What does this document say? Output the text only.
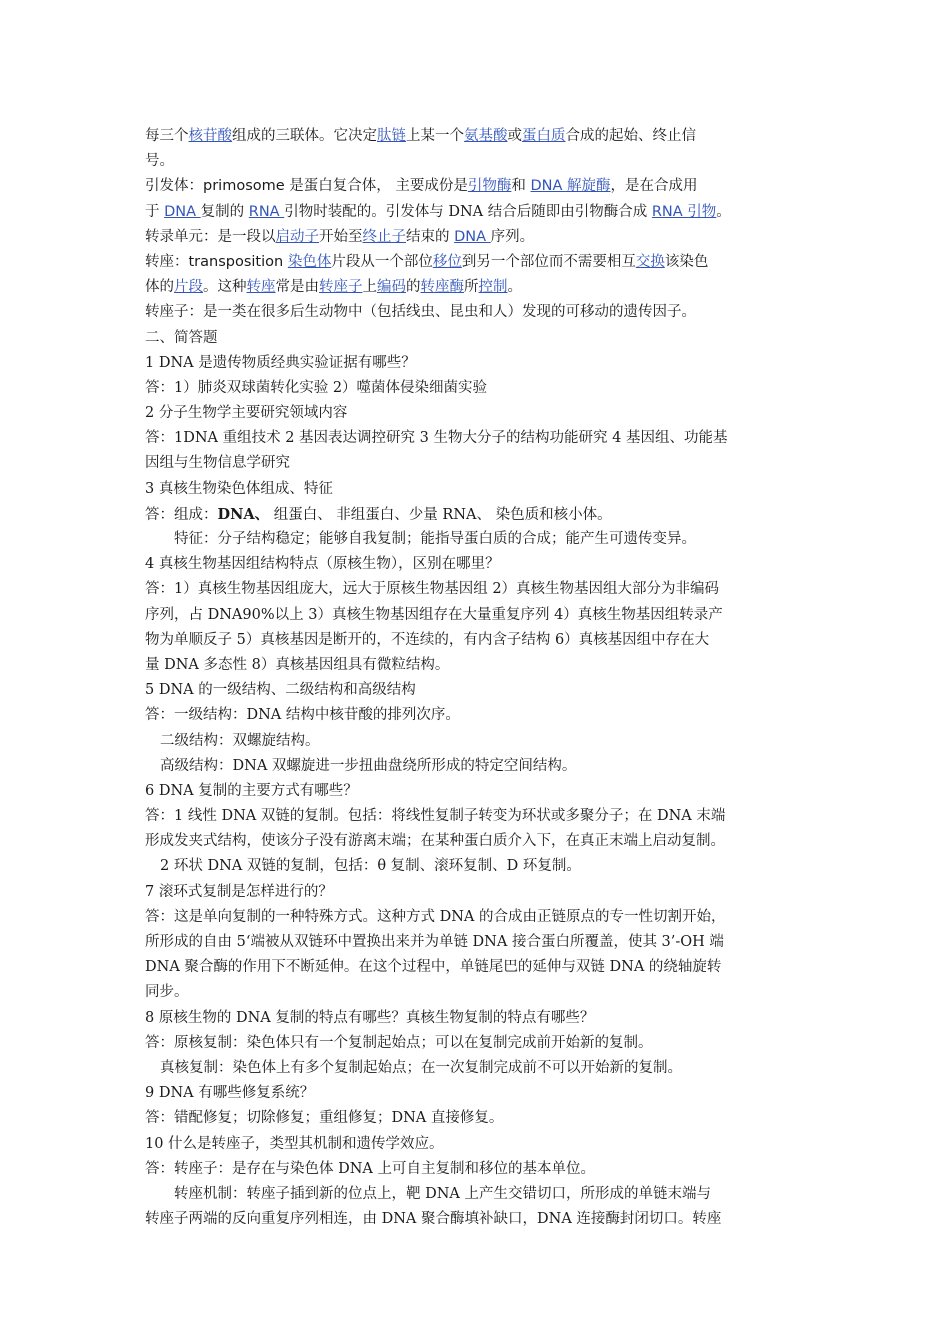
每三个核苷酸组成的三联体。它决定肽链上某一个氨基酸或蛋白质合成的起始、终止信
号。
引发体：primosome 是蛋白复合体， 主要成份是引物酶和 DNA 解旋酶，是在合成用
于 DNA 复制的 RNA 引物时装配的。引发体与 DNA 结合后随即由引物酶合成 RNA 引物。
转录单元：是一段以启动子开始至终止子结束的 DNA 序列。
转座：transposition 染色体片段从一个部位移位到另一个部位而不需要相互交换该染色
体的片段。这种转座常是由转座子上编码的转座酶所控制。
转座子：是一类在很多后生动物中（包括线虫、昆虫和人）发现的可移动的遗传因子。
二、简答题
1 DNA 是遗传物质经典实验证据有哪些？
答：1）肺炎双球菌转化实验 2）噬菌体侵染细菌实验
2 分子生物学主要研究领域内容
答：1DNA 重组技术 2 基因表达调控研究 3 生物大分子的结构功能研究 4 基因组、功能基
因组与生物信息学研究
3 真核生物染色体组成、特征
答：组成：DNA、 组蛋白、 非组蛋白、少量 RNA、 染色质和核小体。
特征：分子结构稳定；能够自我复制；能指导蛋白质的合成；能产生可遗传变异。
4 真核生物基因组结构特点（原核生物），区别在哪里？
答：1）真核生物基因组庞大，远大于原核生物基因组 2）真核生物基因组大部分为非编码
序列，占 DNA90%以上 3）真核生物基因组存在大量重复序列 4）真核生物基因组转录产
物为单顺反子 5）真核基因是断开的，不连续的，有内含子结构 6）真核基因组中存在大
量 DNA 多态性 8）真核基因组具有微粒结构。
5 DNA 的一级结构、二级结构和高级结构
答：一级结构：DNA 结构中核苷酸的排列次序。
二级结构：双螺旋结构。
高级结构：DNA 双螺旋进一步扭曲盘绕所形成的特定空间结构。
6 DNA 复制的主要方式有哪些？
答：1 线性 DNA 双链的复制。包括：将线性复制子转变为环状或多聚分子；在 DNA 末端
形成发夹式结构，使该分子没有游离末端；在某种蛋白质介入下，在真正末端上启动复制。
2 环状 DNA 双链的复制，包括：θ 复制、滚环复制、D 环复制。
7 滚环式复制是怎样进行的？
答：这是单向复制的一种特殊方式。这种方式 DNA 的合成由正链原点的专一性切割开始，
所形成的自由 5‘端被从双链环中置换出来并为单链 DNA 接合蛋白所覆盖，使其 3’-OH 端
DNA 聚合酶的作用下不断延伸。在这个过程中，单链尾巴的延伸与双链 DNA 的绕轴旋转
同步。
8 原核生物的 DNA 复制的特点有哪些？真核生物复制的特点有哪些？
答：原核复制：染色体只有一个复制起始点；可以在复制完成前开始新的复制。
真核复制：染色体上有多个复制起始点；在一次复制完成前不可以开始新的复制。
9 DNA 有哪些修复系统？
答：错配修复；切除修复；重组修复；DNA 直接修复。
10 什么是转座子，类型其机制和遗传学效应。
答：转座子：是存在与染色体 DNA 上可自主复制和移位的基本单位。
转座机制：转座子插到新的位点上，靶 DNA 上产生交错切口，所形成的单链末端与
转座子两端的反向重复序列相连，由 DNA 聚合酶填补缺口，DNA 连接酶封闭切口。转座
